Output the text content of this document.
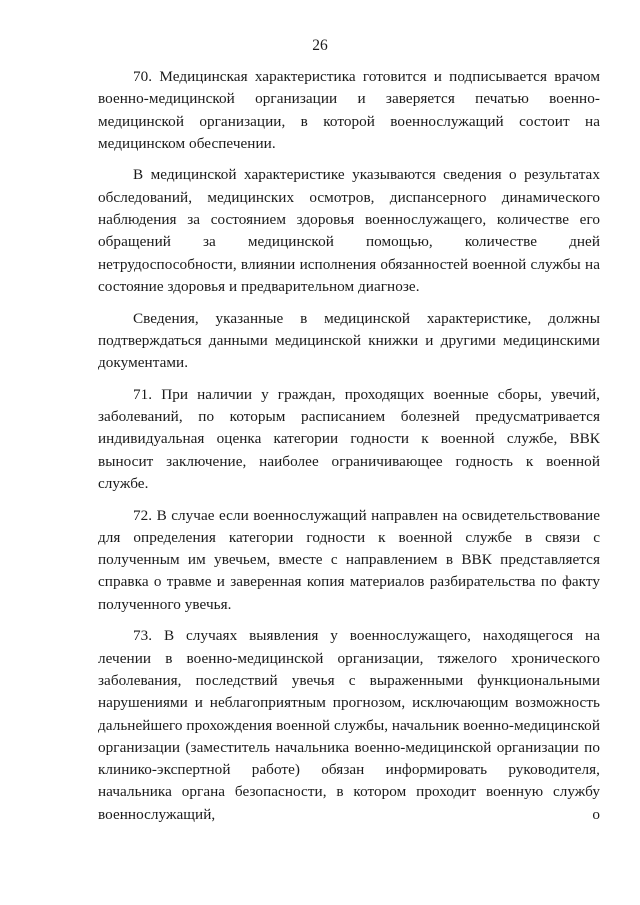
26

70. Медицинская характеристика готовится и подписывается врачом военно-медицинской организации и заверяется печатью военно-медицинской организации, в которой военнослужащий состоит на медицинском обеспечении.

В медицинской характеристике указываются сведения о результатах обследований, медицинских осмотров, диспансерного динамического наблюдения за состоянием здоровья военнослужащего, количестве его обращений за медицинской помощью, количестве дней нетрудоспособности, влиянии исполнения обязанностей военной службы на состояние здоровья и предварительном диагнозе.

Сведения, указанные в медицинской характеристике, должны подтверждаться данными медицинской книжки и другими медицинскими документами.

71. При наличии у граждан, проходящих военные сборы, увечий, заболеваний, по которым расписанием болезней предусматривается индивидуальная оценка категории годности к военной службе, ВВК выносит заключение, наиболее ограничивающее годность к военной службе.

72. В случае если военнослужащий направлен на освидетельствование для определения категории годности к военной службе в связи с полученным им увечьем, вместе с направлением в ВВК представляется справка о травме и заверенная копия материалов разбирательства по факту полученного увечья.

73. В случаях выявления у военнослужащего, находящегося на лечении в военно-медицинской организации, тяжелого хронического заболевания, последствий увечья с выраженными функциональными нарушениями и неблагоприятным прогнозом, исключающим возможность дальнейшего прохождения военной службы, начальник военно-медицинской организации (заместитель начальника военно-медицинской организации по клинико-экспертной работе) обязан информировать руководителя, начальника органа безопасности, в котором проходит военную службу военнослужащий, о
